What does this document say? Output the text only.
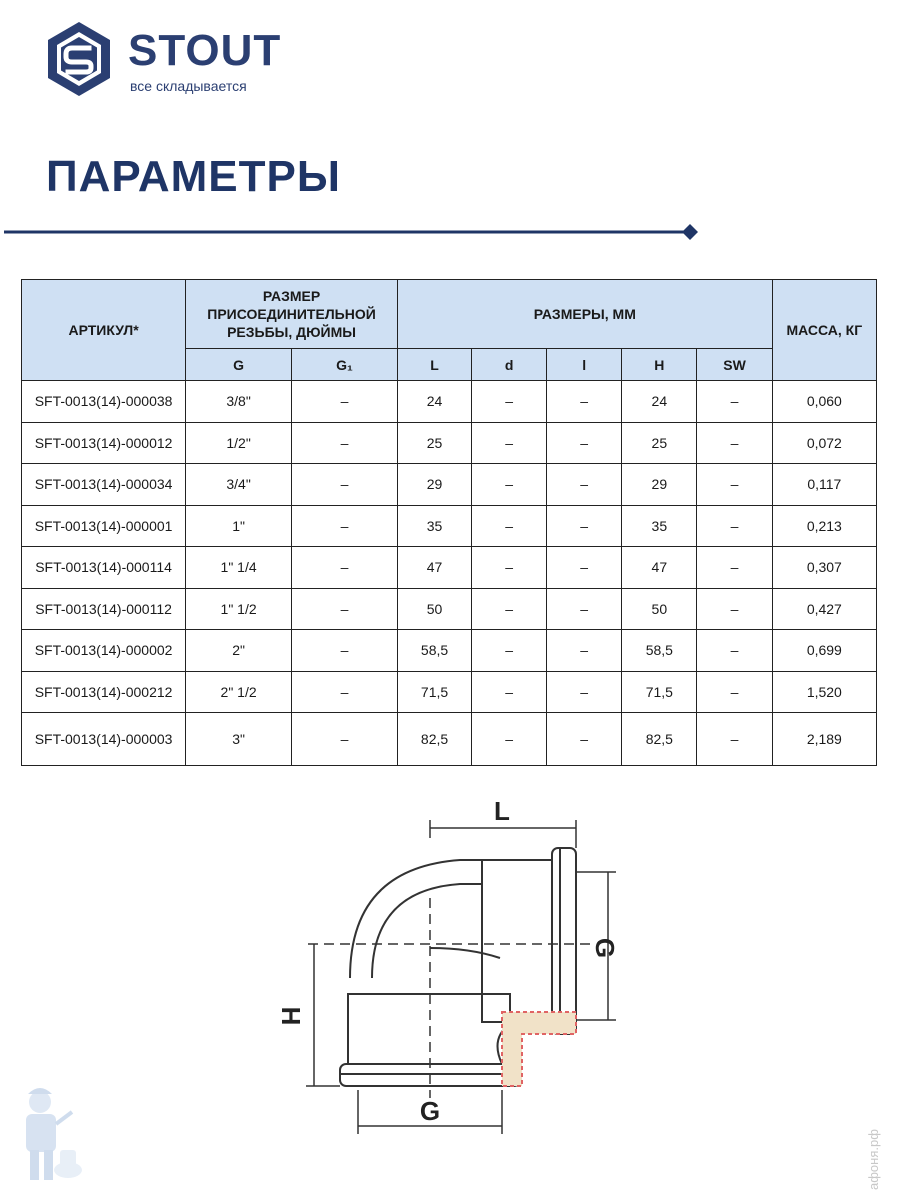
STOUT
все складывается
ПАРАМЕТРЫ
АРТИКУЛ*	РАЗМЕР ПРИСОЕДИНИТЕЛЬНОЙ РЕЗЬБЫ, ДЮЙМЫ		РАЗМЕРЫ, ММ					МАССА, КГ
	G	G₁	L	d	l	H	SW	
SFT-0013(14)-000038	3/8"	–	24	–	–	24	–	0,060
SFT-0013(14)-000012	1/2"	–	25	–	–	25	–	0,072
SFT-0013(14)-000034	3/4"	–	29	–	–	29	–	0,117
SFT-0013(14)-000001	1"	–	35	–	–	35	–	0,213
SFT-0013(14)-000114	1" 1/4	–	47	–	–	47	–	0,307
SFT-0013(14)-000112	1" 1/2	–	50	–	–	50	–	0,427
SFT-0013(14)-000002	2"	–	58,5	–	–	58,5	–	0,699
SFT-0013(14)-000212	2" 1/2	–	71,5	–	–	71,5	–	1,520
SFT-0013(14)-000003	3"	–	82,5	–	–	82,5	–	2,189
L
H
G
G
афоня.рф
